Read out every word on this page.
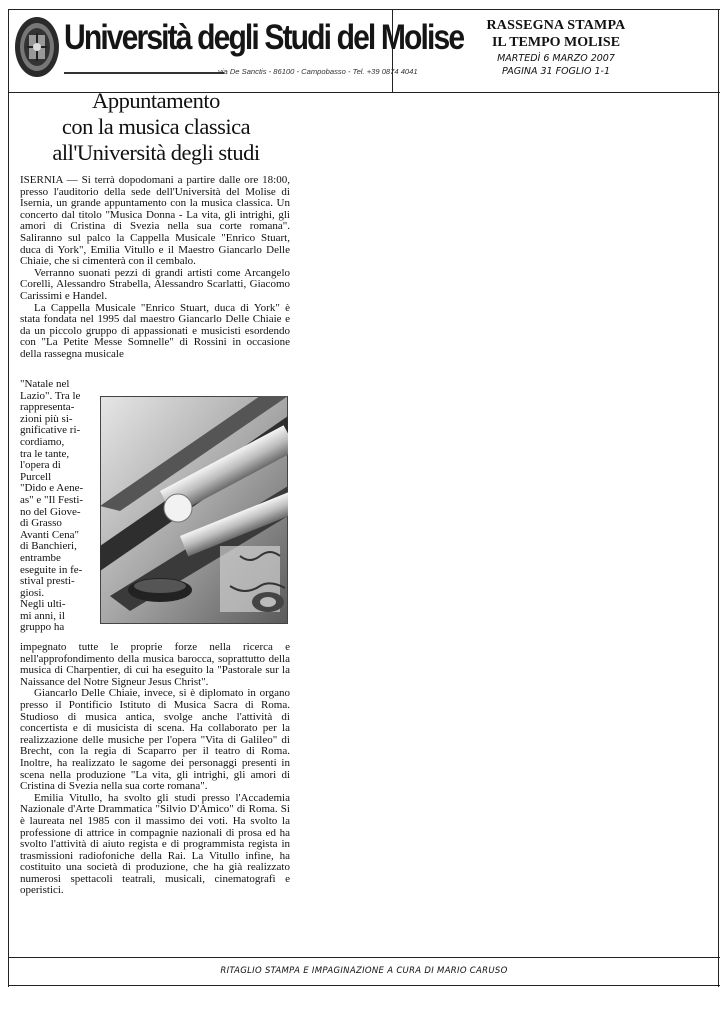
Università degli Studi del Molise
via De Sanctis - 86100 - Campobasso - Tel. +39 0874 4041
RASSEGNA STAMPA
IL TEMPO MOLISE
MARTEDÌ 6 MARZO 2007
PAGINA 31 FOGLIO 1-1
Appuntamento
con la musica classica
all'Università degli studi

ISERNIA — Si terrà dopodomani a partire dalle ore 18:00, presso l'auditorio della sede dell'Università del Molise di Isernia, un grande appuntamento con la musica classica. Un concerto dal titolo "Musica Donna - La vita, gli intrighi, gli amori di Cristina di Svezia nella sua corte romana". Saliranno sul palco la Cappella Musicale "Enrico Stuart, duca di York", Emilia Vitullo e il Maestro Giancarlo Delle Chiaie, che si cimenterà con il cembalo.

Verranno suonati pezzi di grandi artisti come Arcangelo Corelli, Alessandro Strabella, Alessandro Scarlatti, Giacomo Carissimi e Handel.

La Cappella Musicale "Enrico Stuart, duca di York" è stata fondata nel 1995 dal maestro Giancarlo Delle Chiaie e da un piccolo gruppo di appassionati e musicisti esordendo con "La Petite Messe Somnelle" di Rossini in occasione della rassegna musicale

"Natale nel
Lazio". Tra le
rappresenta-
zioni più si-
gnificative ri-
cordiamo,
tra le tante,
l'opera di
Purcell
"Dido e Aene-
as" e "Il Festi-
no del Giove-
dì Grasso
Avanti Cena"
di Banchieri,
entrambe
eseguite in fe-
stival presti-
giosi.
Negli ulti-
mi anni, il
gruppo ha

impegnato tutte le proprie forze nella ricerca e nell'approfondimento della musica barocca, soprattutto della musica di Charpentier, di cui ha eseguito la "Pastorale sur la Naissance del Notre Signeur Jesus Christ".

Giancarlo Delle Chiaie, invece, si è diplomato in organo presso il Pontificio Istituto di Musica Sacra di Roma. Studioso di musica antica, svolge anche l'attività di concertista e di musicista di scena. Ha collaborato per la realizzazione delle musiche per l'opera "Vita di Galileo" di Brecht, con la regia di Scaparro per il teatro di Roma. Inoltre, ha realizzato le sagome dei personaggi presenti in scena nella produzione "La vita, gli intrighi, gli amori di Cristina di Svezia nella sua corte romana".

Emilia Vitullo, ha svolto gli studi presso l'Accademia Nazionale d'Arte Drammatica "Silvio D'Amico" di Roma. Si è laureata nel 1985 con il massimo dei voti. Ha svolto la professione di attrice in compagnie nazionali di prosa ed ha svolto l'attività di aiuto regista e di programmista regista in trasmissioni radiofoniche della Rai. La Vitullo infine, ha costituito una società di produzione, che ha già realizzato numerosi spettacoli teatrali, musicali, cinematografi e operistici.

RITAGLIO STAMPA E IMPAGINAZIONE A CURA DI MARIO CARUSO
